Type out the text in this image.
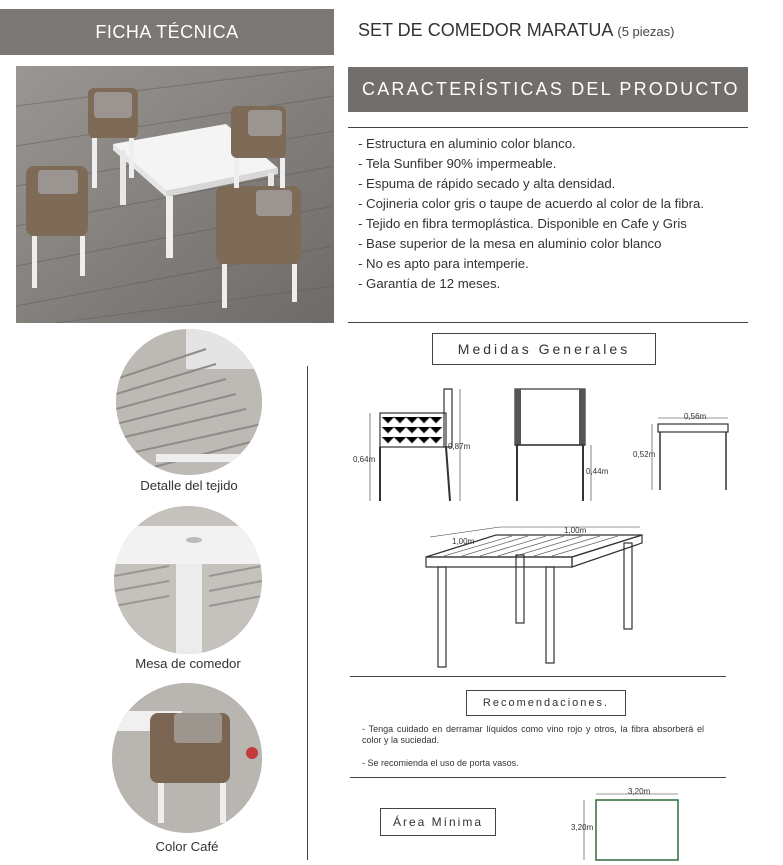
FICHA TÉCNICA	SET DE COMEDOR MARATUA (5 piezas)
CARACTERÍSTICAS DEL PRODUCTO
- Estructura en aluminio color blanco.
- Tela Sunfiber 90% impermeable.
- Espuma de rápido secado y alta densidad.
- Cojineria color gris o taupe de acuerdo al color de la fibra.
- Tejido en fibra termoplástica. Disponible en Cafe y Gris
- Base superior de la mesa en aluminio color blanco
- No es apto para intemperie.
- Garantía de 12 meses.
Detalle del tejido
Mesa de comedor
Color Café
Medidas Generales
0,64m
0,87m
0,44m
0,56m
0,52m
1,00m
1,00m
Recomendaciones.
- Tenga cuidado en derramar líquidos como vino rojo y otros, la fibra absorberá el color y la suciedad.
- Se recomienda el uso de porta vasos.
Área Mínima
3,20m
3,20m
